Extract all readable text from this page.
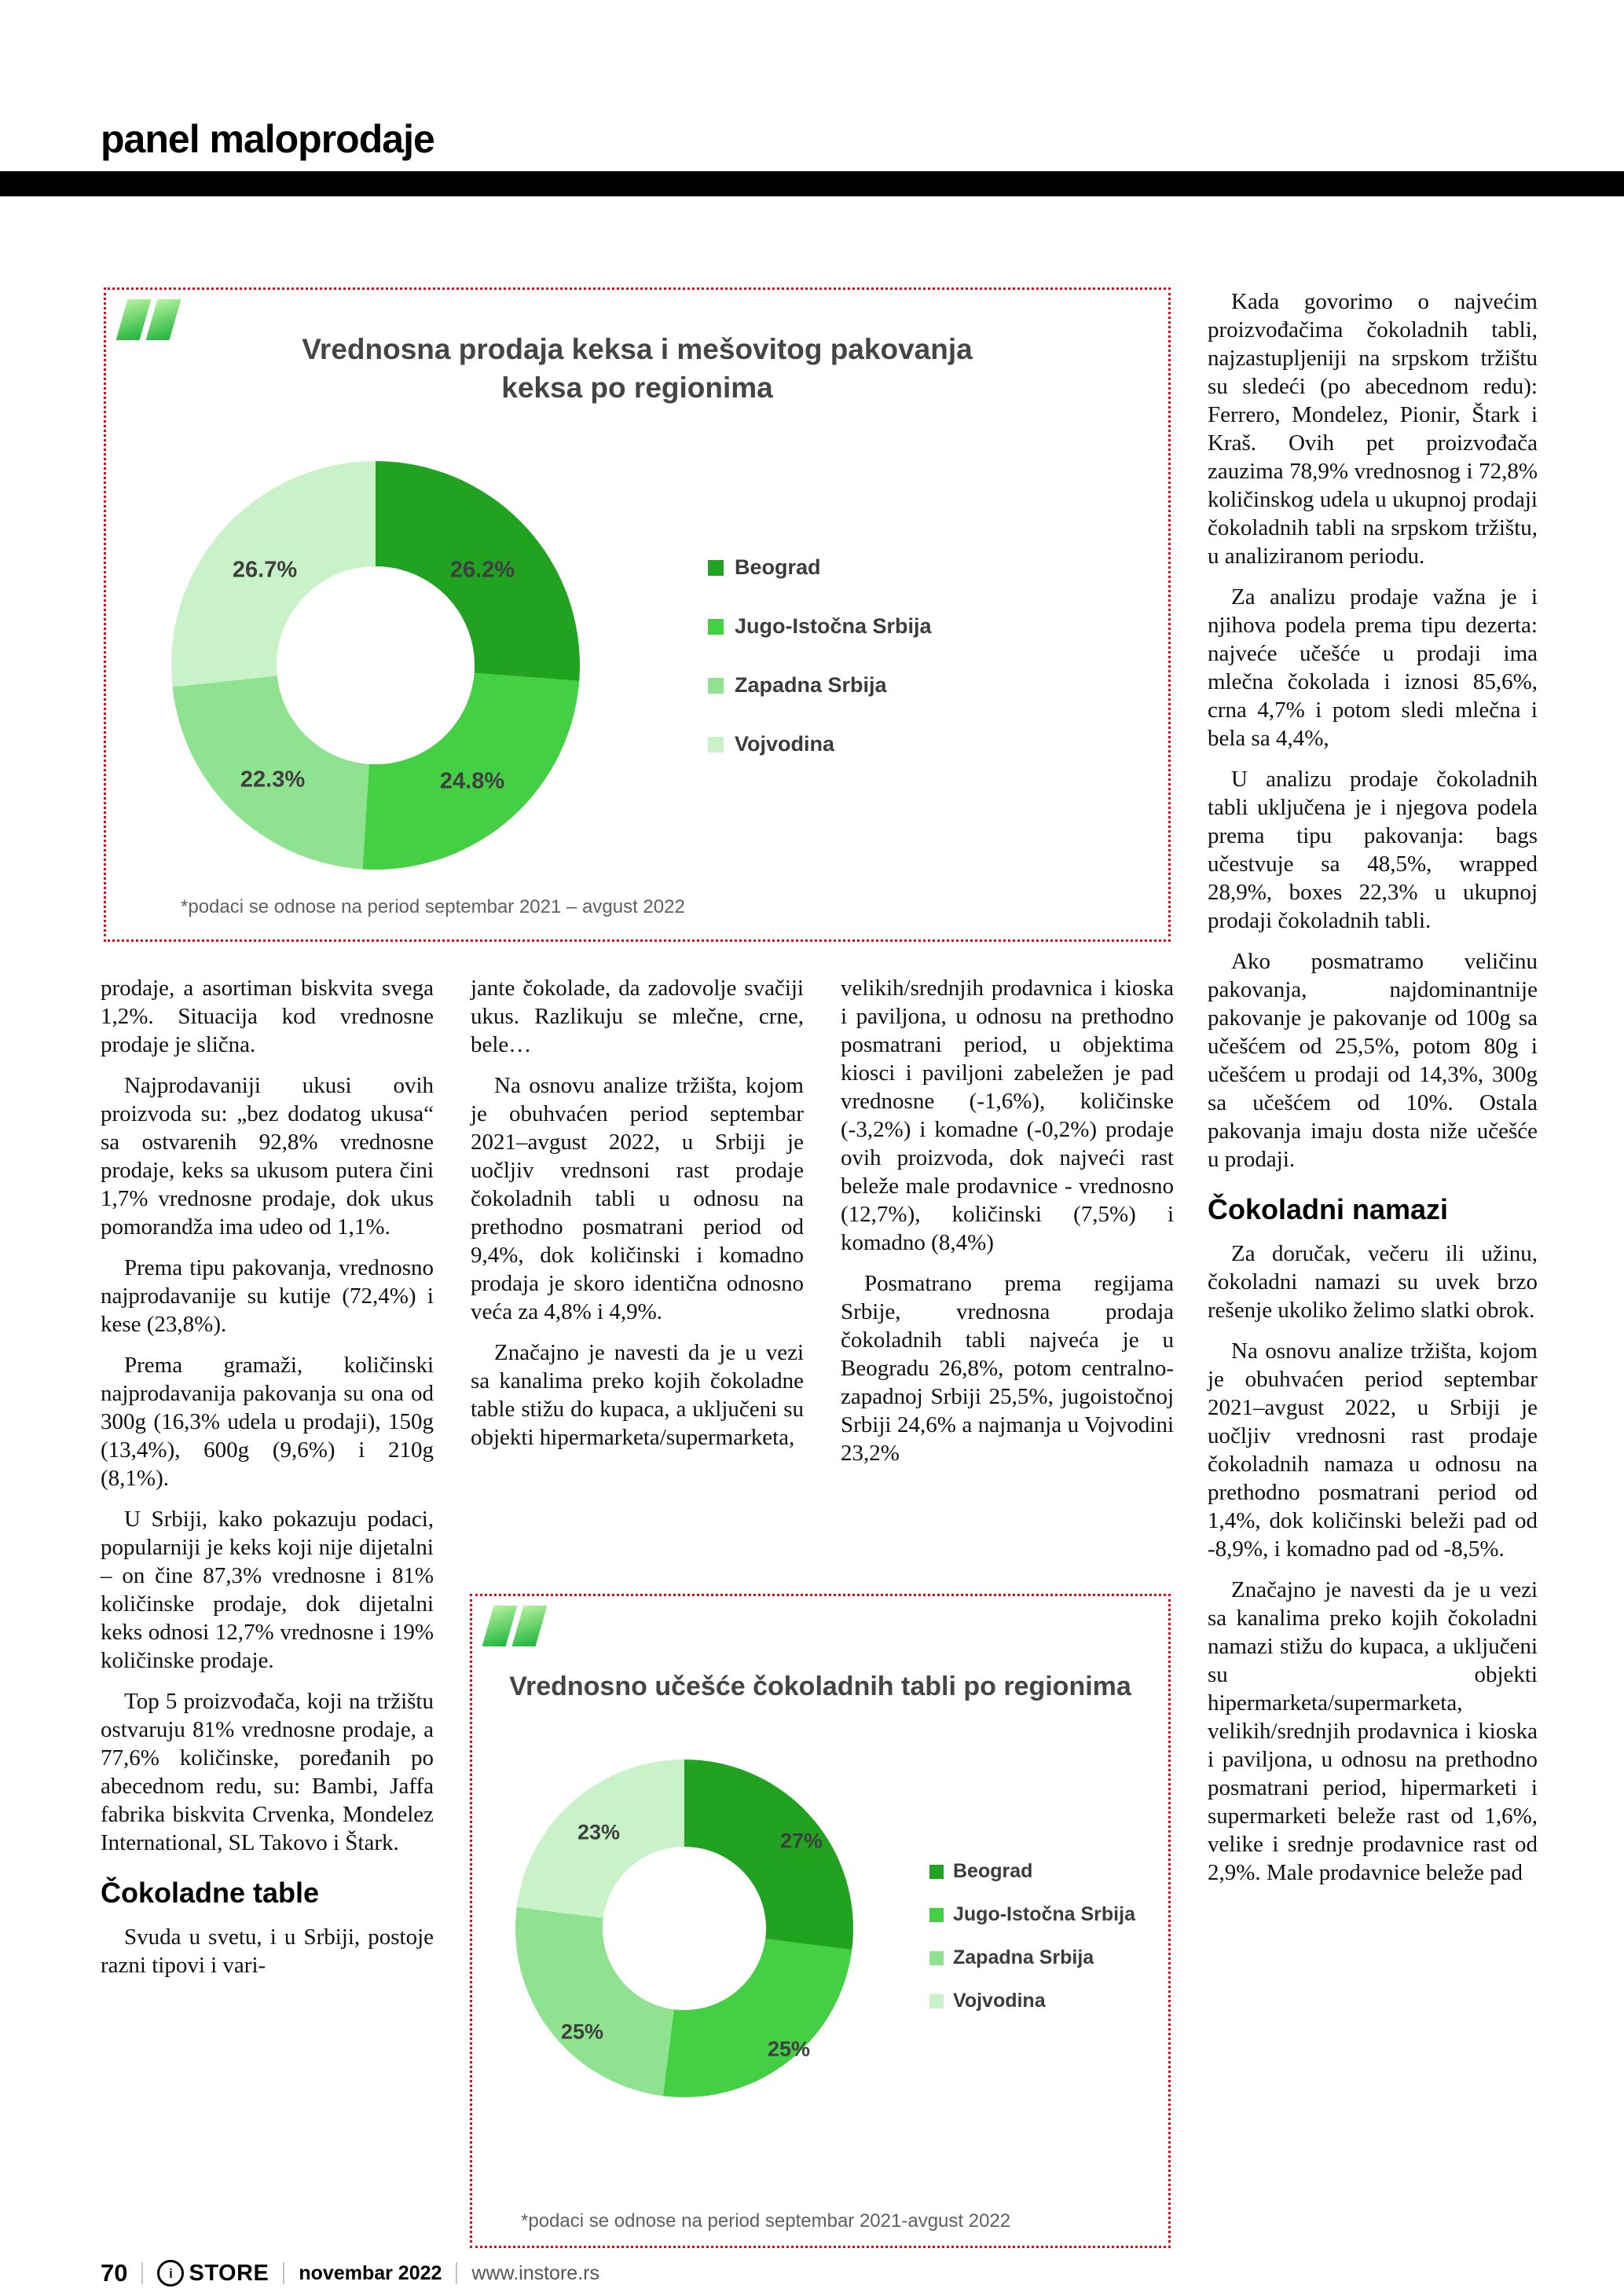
panel maloprodaje
Vrednosna prodaja keksa i mešovitog pakovanja keksa po regionima
26.7%	26.2%
22.3%	24.8%
Beograd
Jugo-Istočna Srbija
Zapadna Srbija
Vojvodina
*podaci se odnose na period septembar 2021 – avgust 2022
Vrednosno učešće čokoladnih tabli po regionima
23%	27%
25%
25%
Beograd
Jugo-Istočna Srbija
Zapadna Srbija
Vojvodina
*podaci se odnose na period septembar 2021-avgust 2022

prodaje, a asortiman biskvita svega 1,2%. Situacija kod vrednosne prodaje je slična.

Najprodavaniji ukusi ovih proizvoda su: „bez dodatog ukusa“ sa ostvarenih 92,8% vrednosne prodaje, keks sa ukusom putera čini 1,7% vrednosne prodaje, dok ukus pomorandža ima udeo od 1,1%.

Prema tipu pakovanja, vrednosno najprodavanije su kutije (72,4%) i kese (23,8%).

Prema gramaži, količinski najprodavanija pakovanja su ona od 300g (16,3% udela u prodaji), 150g (13,4%), 600g (9,6%) i 210g (8,1%).

U Srbiji, kako pokazuju podaci, popularniji je keks koji nije dijetalni – on čine 87,3% vrednosne i 81% količinske prodaje, dok dijetalni keks odnosi 12,7% vrednosne i 19% količinske prodaje.

Top 5 proizvođača, koji na tržištu ostvaruju 81% vrednosne prodaje, a 77,6% količinske, poređanih po abecednom redu, su: Bambi, Jaffa fabrika biskvita Crvenka, Mondelez International, SL Takovo i Štark.

Čokoladne table

Svuda u svetu, i u Srbiji, postoje razni tipovi i vari-

jante čokolade, da zadovolje svačiji ukus. Razlikuju se mlečne, crne, bele…

Na osnovu analize tržišta, kojom je obuhvaćen period septembar 2021–avgust 2022, u Srbiji je uočljiv vrednsoni rast prodaje čokoladnih tabli u odnosu na prethodno posmatrani period od 9,4%, dok količinski i komadno prodaja je skoro identična odnosno veća za 4,8% i 4,9%.

Značajno je navesti da je u vezi sa kanalima preko kojih čokoladne table stižu do kupaca, a uključeni su objekti hipermarketa/supermarketa,

velikih/srednjih prodavnica i kioska i paviljona, u odnosu na prethodno posmatrani period, u objektima kiosci i paviljoni zabeležen je pad vrednosne (-1,6%), količinske (-3,2%) i komadne (-0,2%) prodaje ovih proizvoda, dok najveći rast beleže male prodavnice - vrednosno (12,7%), količinski (7,5%) i komadno (8,4%)

Posmatrano prema regijama Srbije, vrednosna prodaja čokoladnih tabli najveća je u Beogradu 26,8%, potom centralno-zapadnoj Srbiji 25,5%, jugoistočnoj Srbiji 24,6% a najmanja u Vojvodini 23,2%

Kada govorimo o najvećim proizvođačima čokoladnih tabli, najzastupljeniji na srpskom tržištu su sledeći (po abecednom redu): Ferrero, Mondelez, Pionir, Štark i Kraš. Ovih pet proizvođača zauzima 78,9% vrednosnog i 72,8% količinskog udela u ukupnoj prodaji čokoladnih tabli na srpskom tržištu, u analiziranom periodu.

Za analizu prodaje važna je i njihova podela prema tipu dezerta: najveće učešće u prodaji ima mlečna čokolada i iznosi 85,6%, crna 4,7% i potom sledi mlečna i bela sa 4,4%,

U analizu prodaje čokoladnih tabli uključena je i njegova podela prema tipu pakovanja: bags učestvuje sa 48,5%, wrapped 28,9%, boxes 22,3% u ukupnoj prodaji čokoladnih tabli.

Ako posmatramo veličinu pakovanja, najdominantnije pakovanje je pakovanje od 100g sa učešćem od 25,5%, potom 80g i učešćem u prodaji od 14,3%, 300g sa učešćem od 10%. Ostala pakovanja imaju dosta niže učešće u prodaji.

Čokoladni namazi

Za doručak, večeru ili užinu, čokoladni namazi su uvek brzo rešenje ukoliko želimo slatki obrok.

Na osnovu analize tržišta, kojom je obuhvaćen period septembar 2021–avgust 2022, u Srbiji je uočljiv vrednosni rast prodaje čokoladnih namaza u odnosu na prethodno posmatrani period od 1,4%, dok količinski beleži pad od -8,9%, i komadno pad od -8,5%.

Značajno je navesti da je u vezi sa kanalima preko kojih čokoladni namazi stižu do kupaca, a uključeni su objekti hipermarketa/supermarketa, velikih/srednjih prodavnica i kioska i paviljona, u odnosu na prethodno posmatrani period, hipermarketi i supermarketi beleže rast od 1,6%, velike i srednje prodavnice rast od 2,9%. Male prodavnice beleže pad

70	i STORE novembar 2022 www.instore.rs
